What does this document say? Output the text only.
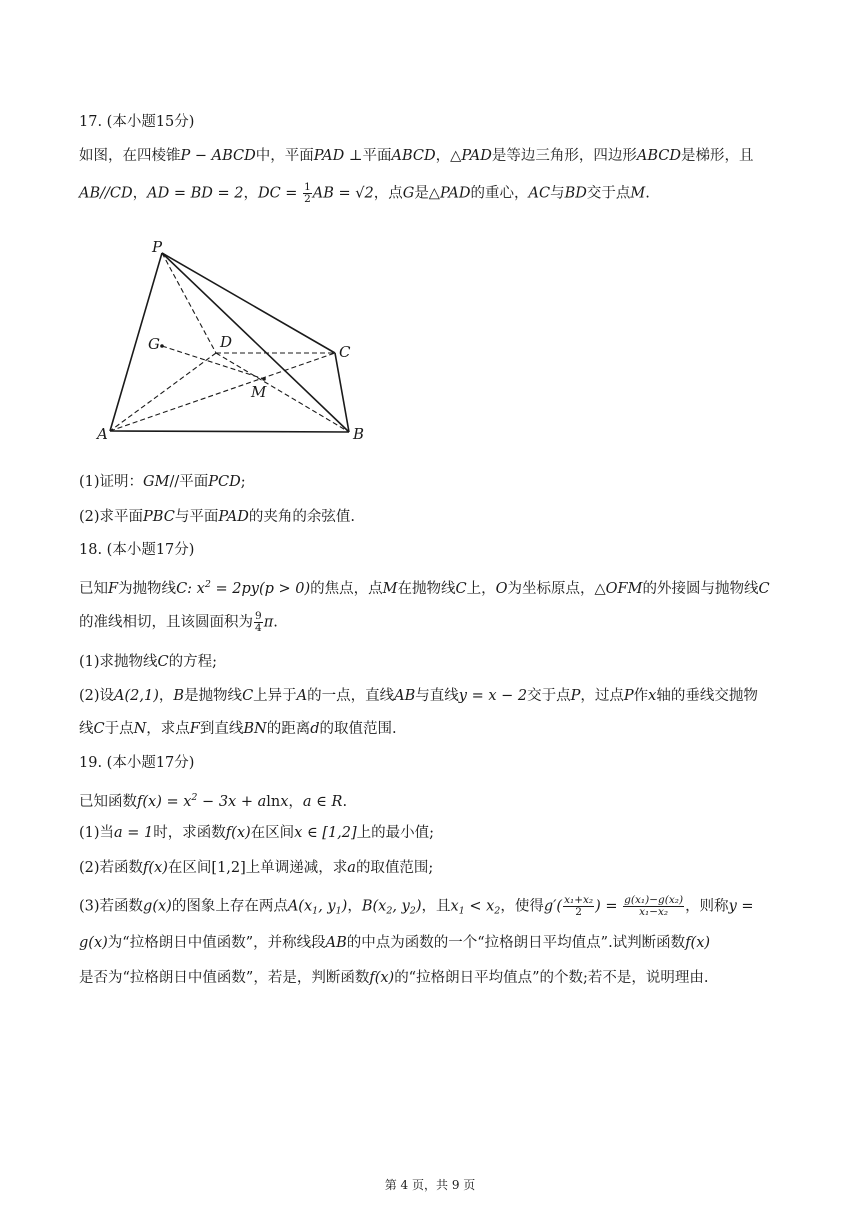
17. (本小题15分)
如图，在四棱锥P − ABCD中，平面PAD ⊥平面ABCD，△PAD是等边三角形，四边形ABCD是梯形，且
AB//CD，AD = BD = 2，DC = $\frac{1}{2}$ AB = √2，点G是△PAD的重心，AC与BD交于点M.
P
G	D
C
M
A	B
(1)证明：GM//平面PCD;
(2)求平面PBC与平面PAD的夹角的余弦值.
18. (本小题17分)
已知F为抛物线C: $x^2 = 2py(p > 0)$的焦点，点M在抛物线C上，O为坐标原点，△OFM的外接圆与抛物线C
的准线相切，且该圆面积为 $\frac{9}{4} \pi$.
(1)求抛物线C的方程;
(2)设A(2,1)，B是抛物线C上异于A的一点，直线AB与直线y = x − 2交于点P，过点P作x轴的垂线交抛物
线C于点N，求点F到直线BN的距离d的取值范围.
19. (本小题17分)
已知函数$f(x) = x^2 - 3x + alnx$，a ∈ R.
(1)当a = 1时，求函数f(x)在区间x ∈ [1,2]上的最小值;
(2)若函数f(x)在区间[1,2]上单调递减，求a的取值范围;
(3)若函数g(x)的图象上存在两点$A(x_1$, $y_1$)，$B(x_2$, $y_2$)，且$x_1 < x_2$，使得$g'( \frac{\text{x₁+x₂}}{2}$ ) = $\frac{\text{g(x₁)−g(x₂)}}{\text{x₁−x₂}}$ ，则称y =
g(x)为“拉格朗日中值函数”，并称线段AB的中点为函数的一个“拉格朗日平均值点”.试判断函数f(x)
是否为“拉格朗日中值函数”，若是，判断函数f(x)的“拉格朗日平均值点”的个数;若不是，说明理由.
第 4 页，共 9 页
